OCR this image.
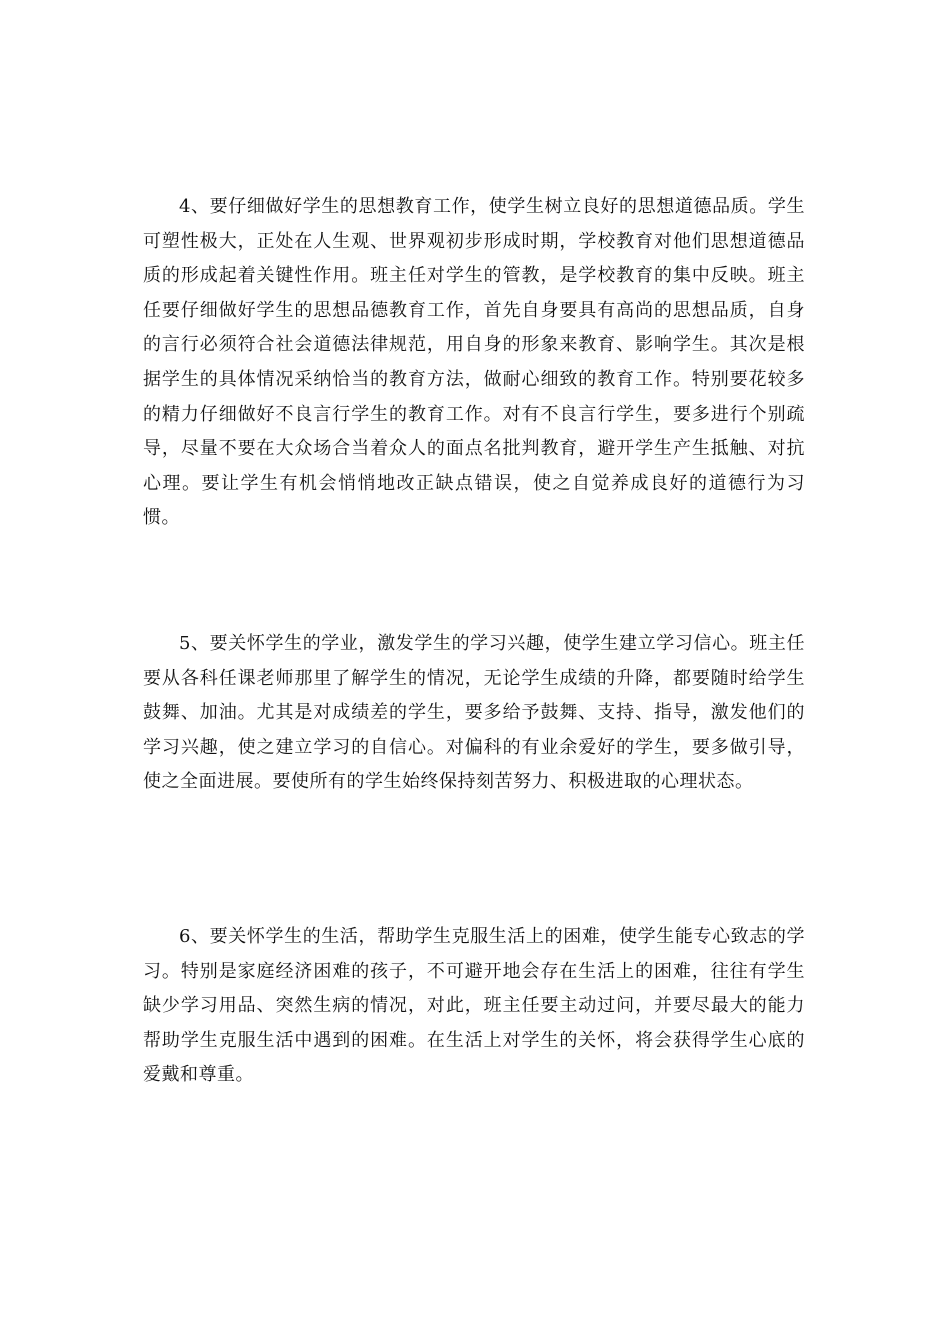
4、要仔细做好学生的思想教育工作，使学生树立良好的思想道德品质。学生可塑性极大，正处在人生观、世界观初步形成时期，学校教育对他们思想道德品质的形成起着关键性作用。班主任对学生的管教，是学校教育的集中反映。班主任要仔细做好学生的思想品德教育工作，首先自身要具有高尚的思想品质，自身的言行必须符合社会道德法律规范，用自身的形象来教育、影响学生。其次是根据学生的具体情况采纳恰当的教育方法，做耐心细致的教育工作。特别要花较多的精力仔细做好不良言行学生的教育工作。对有不良言行学生，要多进行个别疏导，尽量不要在大众场合当着众人的面点名批判教育，避开学生产生抵触、对抗心理。要让学生有机会悄悄地改正缺点错误，使之自觉养成良好的道德行为习惯。

5、要关怀学生的学业，激发学生的学习兴趣，使学生建立学习信心。班主任要从各科任课老师那里了解学生的情况，无论学生成绩的升降，都要随时给学生鼓舞、加油。尤其是对成绩差的学生，要多给予鼓舞、支持、指导，激发他们的学习兴趣，使之建立学习的自信心。对偏科的有业余爱好的学生，要多做引导，使之全面进展。要使所有的学生始终保持刻苦努力、积极进取的心理状态。

6、要关怀学生的生活，帮助学生克服生活上的困难，使学生能专心致志的学习。特别是家庭经济困难的孩子，不可避开地会存在生活上的困难，往往有学生缺少学习用品、突然生病的情况，对此，班主任要主动过问，并要尽最大的能力帮助学生克服生活中遇到的困难。在生活上对学生的关怀，将会获得学生心底的爱戴和尊重。
